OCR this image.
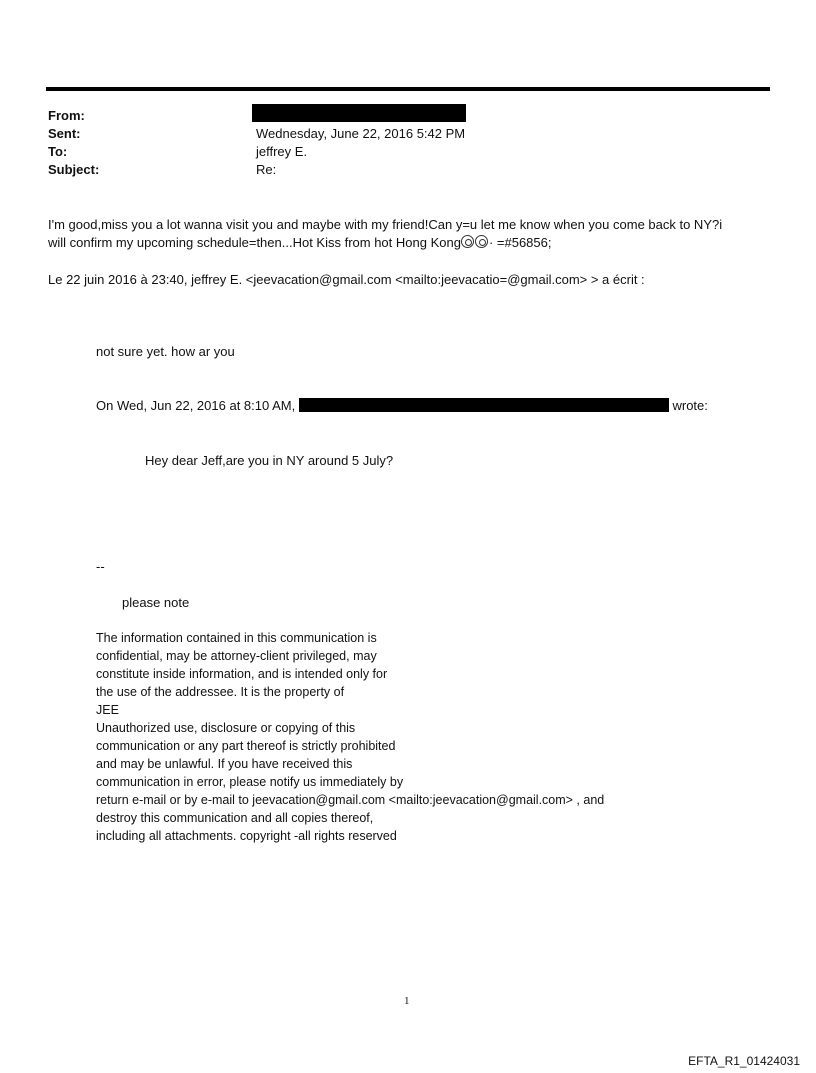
From:
Sent:	Wednesday, June 22, 2016 5:42 PM
To:	jeffrey E.
Subject:	Re:
I'm good,miss you a lot wanna visit you and maybe with my friend!Can y=u let me know when you come back to NY?i
will confirm my upcoming schedule=then...Hot Kiss from hot Hong Kong · =#56856;
Le 22 juin 2016 à 23:40, jeffrey E. <jeevacation@gmail.com <mailto:jeevacatio=@gmail.com> > a écrit :
not sure yet. how ar you
On Wed, Jun 22, 2016 at 8:10 AM,	wrote:
Hey dear Jeff,are you in NY around 5 July?
--
please note
The information contained in this communication is
confidential, may be attorney-client privileged, may
constitute inside information, and is intended only for
the use of the addressee. It is the property of
JEE
Unauthorized use, disclosure or copying of this
communication or any part thereof is strictly prohibited
and may be unlawful. If you have received this
communication in error, please notify us immediately by
return e-mail or by e-mail to jeevacation@gmail.com <mailto:jeevacation@gmail.com> , and
destroy this communication and all copies thereof,
including all attachments. copyright -all rights reserved
1
EFTA_R1_01424031
